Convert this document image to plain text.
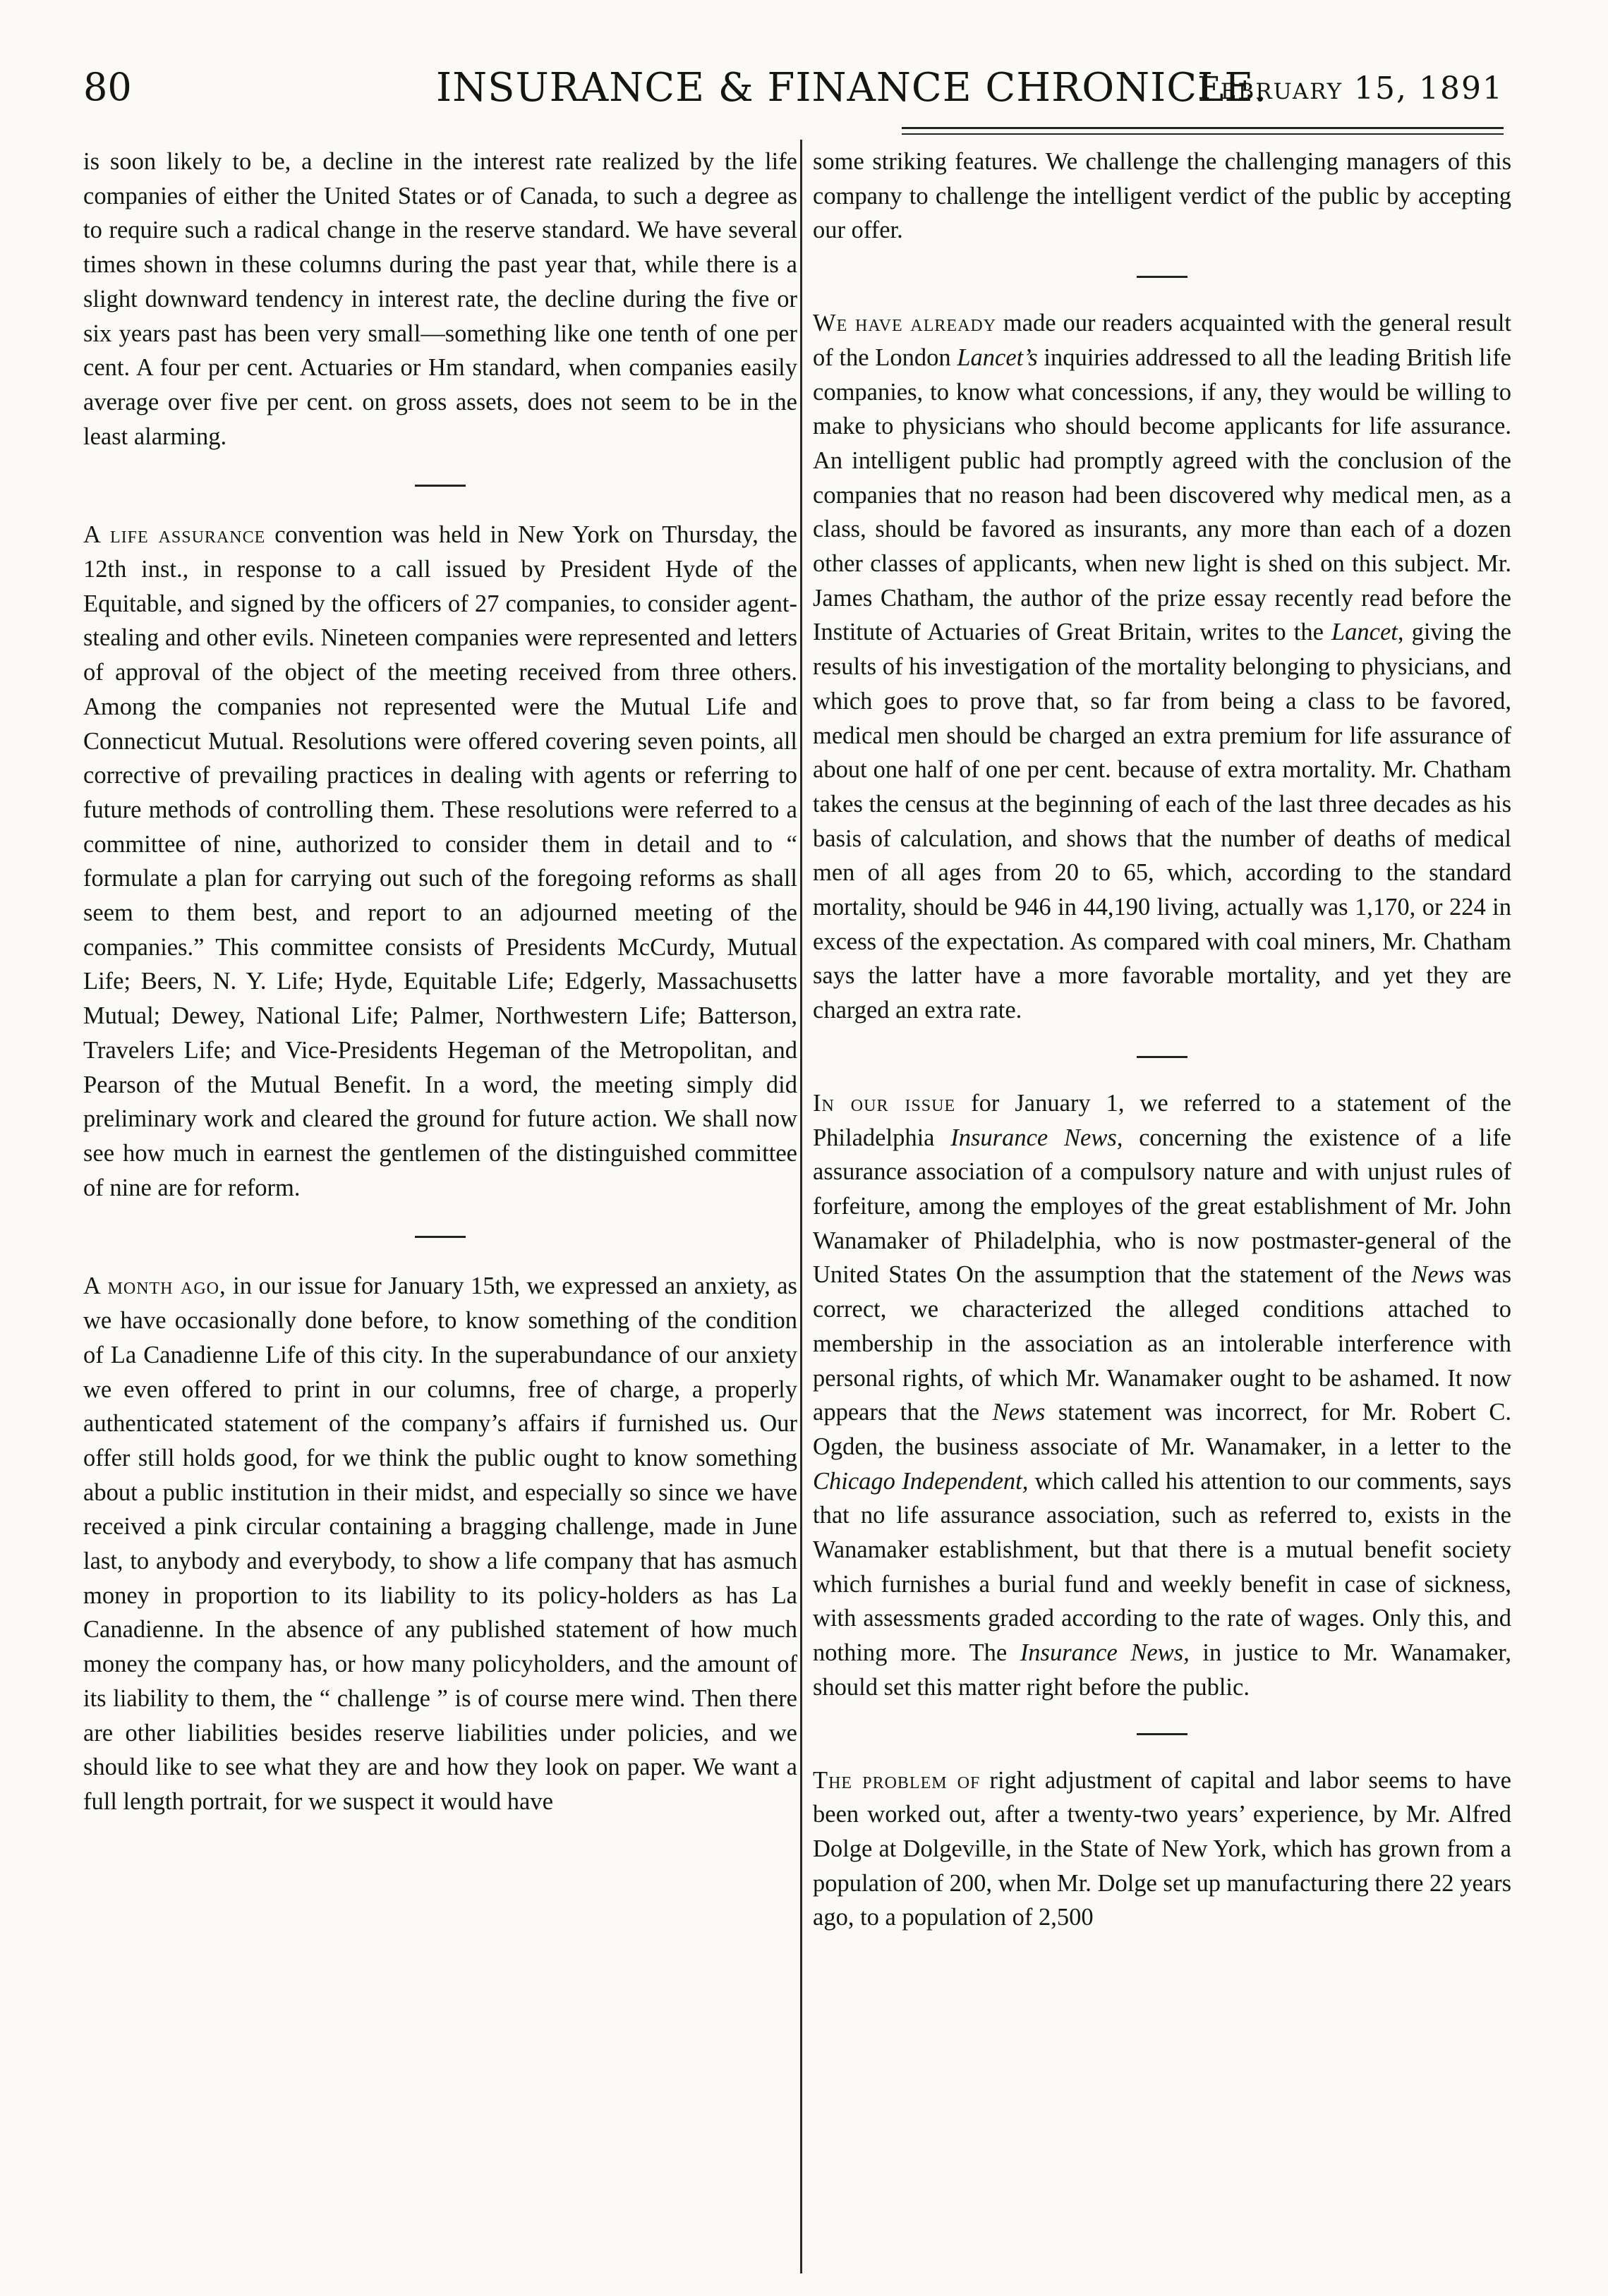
80	INSURANCE & FINANCE CHRONICLE.
February 15, 1891

is soon likely to be, a decline in the interest rate realized by the life companies of either the United States or of Canada, to such a degree as to require such a radical change in the reserve standard. We have several times shown in these columns during the past year that, while there is a slight downward tendency in interest rate, the decline during the five or six years past has been very small—something like one tenth of one per cent. A four per cent. Actuaries or Hm standard, when companies easily average over five per cent. on gross assets, does not seem to be in the least alarming.

A life assurance convention was held in New York on Thursday, the 12th inst., in response to a call issued by President Hyde of the Equitable, and signed by the officers of 27 companies, to consider agent-stealing and other evils. Nineteen companies were represented and letters of approval of the object of the meeting received from three others. Among the companies not represented were the Mutual Life and Connecticut Mutual. Resolutions were offered covering seven points, all corrective of prevailing practices in dealing with agents or referring to future methods of controlling them. These resolutions were referred to a committee of nine, authorized to consider them in detail and to “ formulate a plan for carrying out such of the foregoing reforms as shall seem to them best, and report to an adjourned meeting of the companies.” This committee consists of Presidents McCurdy, Mutual Life; Beers, N. Y. Life; Hyde, Equitable Life; Edgerly, Massachusetts Mutual; Dewey, National Life; Palmer, Northwestern Life; Batterson, Travelers Life; and Vice-Presidents Hegeman of the Metropolitan, and Pearson of the Mutual Benefit. In a word, the meeting simply did preliminary work and cleared the ground for future action. We shall now see how much in earnest the gentlemen of the distinguished committee of nine are for reform.

A month ago, in our issue for January 15th, we expressed an anxiety, as we have occasionally done before, to know something of the condition of La Canadienne Life of this city. In the superabundance of our anxiety we even offered to print in our columns, free of charge, a properly authenticated statement of the company’s affairs if furnished us. Our offer still holds good, for we think the public ought to know something about a public institution in their midst, and especially so since we have received a pink circular containing a bragging challenge, made in June last, to anybody and everybody, to show a life company that has asmuch money in proportion to its liability to its policy-holders as has La Canadienne. In the absence of any published statement of how much money the company has, or how many policyholders, and the amount of its liability to them, the “ challenge ” is of course mere wind. Then there are other liabilities besides reserve liabilities under policies, and we should like to see what they are and how they look on paper. We want a full length portrait, for we suspect it would have

some striking features. We challenge the challenging managers of this company to challenge the intelligent verdict of the public by accepting our offer.

We have already made our readers acquainted with the general result of the London Lancet’s inquiries addressed to all the leading British life companies, to know what concessions, if any, they would be willing to make to physicians who should become applicants for life assurance. An intelligent public had promptly agreed with the conclusion of the companies that no reason had been discovered why medical men, as a class, should be favored as insurants, any more than each of a dozen other classes of applicants, when new light is shed on this subject. Mr. James Chatham, the author of the prize essay recently read before the Institute of Actuaries of Great Britain, writes to the Lancet, giving the results of his investigation of the mortality belonging to physicians, and which goes to prove that, so far from being a class to be favored, medical men should be charged an extra premium for life assurance of about one half of one per cent. because of extra mortality. Mr. Chatham takes the census at the beginning of each of the last three decades as his basis of calculation, and shows that the number of deaths of medical men of all ages from 20 to 65, which, according to the standard mortality, should be 946 in 44,190 living, actually was 1,170, or 224 in excess of the expectation. As compared with coal miners, Mr. Chatham says the latter have a more favorable mortality, and yet they are charged an extra rate.

In our issue for January 1, we referred to a statement of the Philadelphia Insurance News, concerning the existence of a life assurance association of a compulsory nature and with unjust rules of forfeiture, among the employes of the great establishment of Mr. John Wanamaker of Philadelphia, who is now postmaster-general of the United States On the assumption that the statement of the News was correct, we characterized the alleged conditions attached to membership in the association as an intolerable interference with personal rights, of which Mr. Wanamaker ought to be ashamed. It now appears that the News statement was incorrect, for Mr. Robert C. Ogden, the business associate of Mr. Wanamaker, in a letter to the Chicago Independent, which called his attention to our comments, says that no life assurance association, such as referred to, exists in the Wanamaker establishment, but that there is a mutual benefit society which furnishes a burial fund and weekly benefit in case of sickness, with assessments graded according to the rate of wages. Only this, and nothing more. The Insurance News, in justice to Mr. Wanamaker, should set this matter right before the public.

The problem of right adjustment of capital and labor seems to have been worked out, after a twenty-two years’ experience, by Mr. Alfred Dolge at Dolgeville, in the State of New York, which has grown from a population of 200, when Mr. Dolge set up manufacturing there 22 years ago, to a population of 2,500
